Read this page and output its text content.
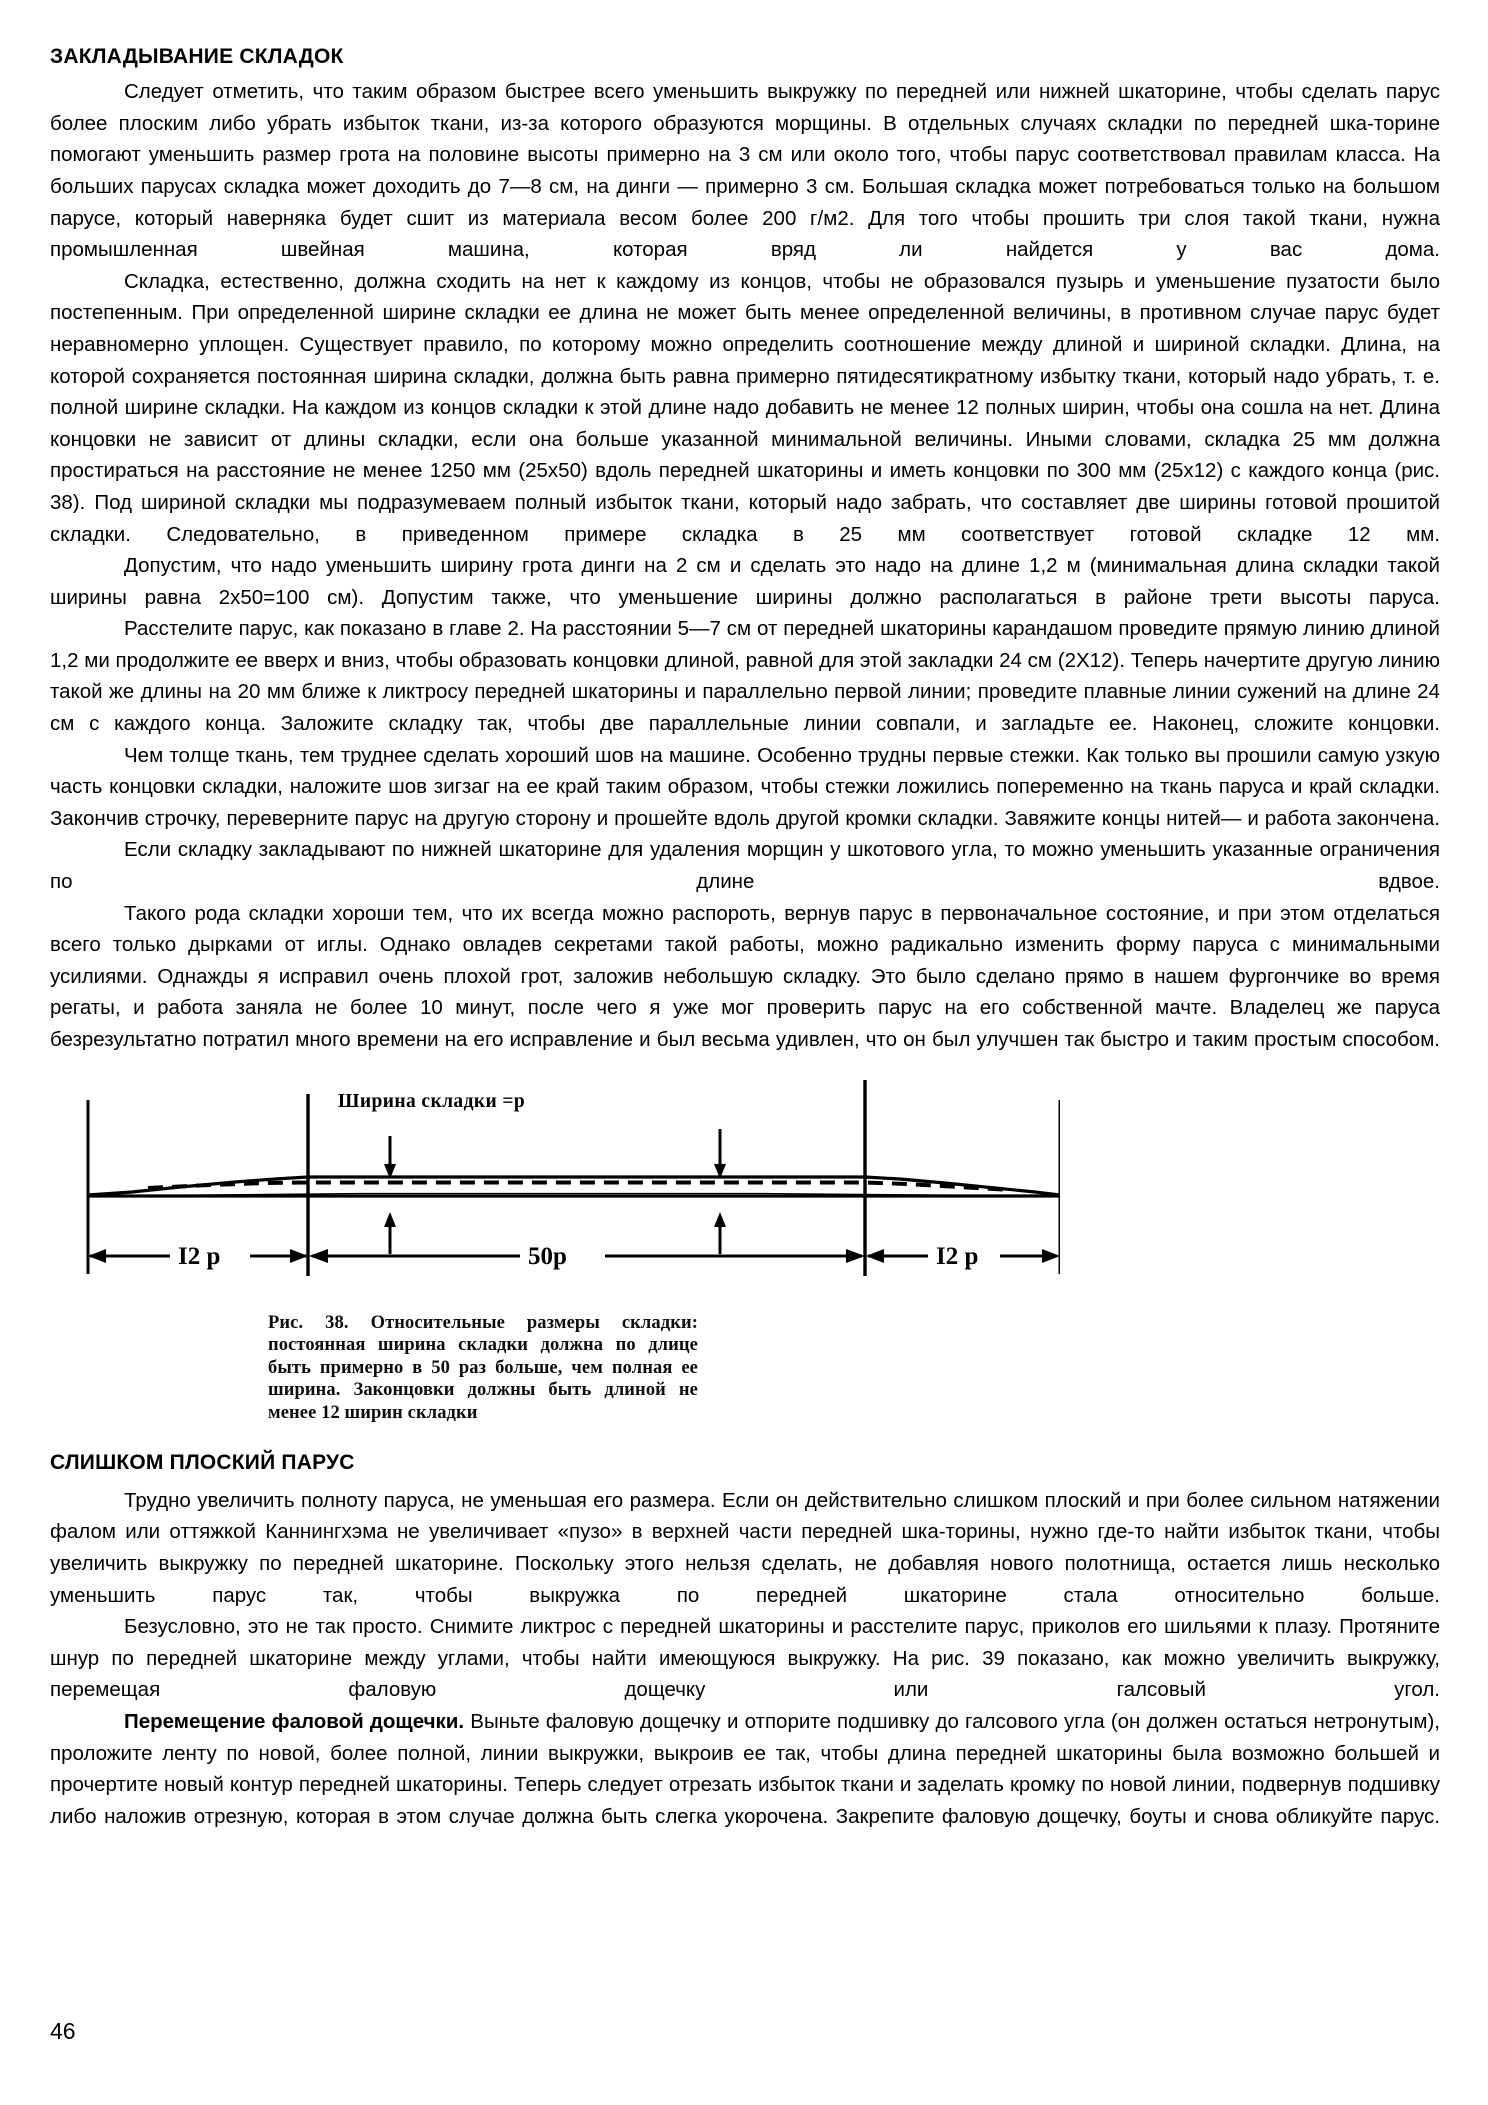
ЗАКЛАДЫВАНИЕ СКЛАДОК

Следует отметить, что таким образом быстрее всего уменьшить выкружку по передней или нижней шкаторине, чтобы сделать парус более плоским либо убрать избыток ткани, из-за которого образуются морщины. В отдельных случаях складки по передней шка-торине помогают уменьшить размер грота на половине высоты примерно на 3 см или около того, чтобы парус соответствовал правилам класса. На больших парусах складка может доходить до 7—8 см, на динги — примерно 3 см. Большая складка может потребоваться только на большом парусе, который наверняка будет сшит из материала весом более 200 г/м2. Для того чтобы прошить три слоя такой ткани, нужна промышленная швейная машина, которая вряд ли найдется у вас дома.

Складка, естественно, должна сходить на нет к каждому из концов, чтобы не образовался пузырь и уменьшение пузатости было постепенным. При определенной ширине складки ее длина не может быть менее определенной величины, в противном случае парус будет неравномерно уплощен. Существует правило, по которому можно определить соотношение между длиной и шириной складки. Длина, на которой сохраняется постоянная ширина складки, должна быть равна примерно пятидесятикратному избытку ткани, который надо убрать, т. е. полной ширине складки. На каждом из концов складки к этой длине надо добавить не менее 12 полных ширин, чтобы она сошла на нет. Длина концовки не зависит от длины складки, если она больше указанной минимальной величины. Иными словами, складка 25 мм должна простираться на расстояние не менее 1250 мм (25x50) вдоль передней шкаторины и иметь концовки по 300 мм (25x12) с каждого конца (рис. 38). Под шириной складки мы подразумеваем полный избыток ткани, который надо забрать, что составляет две ширины готовой прошитой складки. Следовательно, в приведенном примере складка в 25 мм соответствует готовой складке 12 мм.

Допустим, что надо уменьшить ширину грота динги на 2 см и сделать это надо на длине 1,2 м (минимальная длина складки такой ширины равна 2х50=100 см). Допустим также, что уменьшение ширины должно располагаться в районе трети высоты паруса.

Расстелите парус, как показано в главе 2. На расстоянии 5—7 см от передней шкаторины карандашом проведите прямую линию длиной 1,2 ми продолжите ее вверх и вниз, чтобы образовать концовки длиной, равной для этой закладки 24 см (2X12). Теперь начертите другую линию такой же длины на 20 мм ближе к ликтросу передней шкаторины и параллельно первой линии; проведите плавные линии сужений на длине 24 см с каждого конца. Заложите складку так, чтобы две параллельные линии совпали, и загладьте ее. Наконец, сложите концовки.

Чем толще ткань, тем труднее сделать хороший шов на машине. Особенно трудны первые стежки. Как только вы прошили самую узкую часть концовки складки, наложите шов зигзаг на ее край таким образом, чтобы стежки ложились попеременно на ткань паруса и край складки. Закончив строчку, переверните парус на другую сторону и прошейте вдоль другой кромки складки. Завяжите концы нитей— и работа закончена.

Если складку закладывают по нижней шкаторине для удаления морщин у шкотового угла, то можно уменьшить указанные ограничения по длине вдвое.

Такого рода складки хороши тем, что их всегда можно распороть, вернув парус в первоначальное состояние, и при этом отделаться всего только дырками от иглы. Однако овладев секретами такой работы, можно радикально изменить форму паруса с минимальными усилиями. Однажды я исправил очень плохой грот, заложив небольшую складку. Это было сделано прямо в нашем фургончике во время регаты, и работа заняла не более 10 минут, после чего я уже мог проверить парус на его собственной мачте. Владелец же паруса безрезультатно потратил много времени на его исправление и был весьма удивлен, что он был улучшен так быстро и таким простым способом.

Ширина складки =p
I2 p	50p	I2 p
Рис. 38. Относительные размеры складки: постоянная ширина складки должна по длице быть примерно в 50 раз больше, чем полная ее ширина. Законцовки должны быть длиной не менее 12 ширин складки
СЛИШКОМ ПЛОСКИЙ ПАРУС

Трудно увеличить полноту паруса, не уменьшая его размера. Если он действительно слишком плоский и при более сильном натяжении фалом или оттяжкой Каннингхэма не увеличивает «пузо» в верхней части передней шка-торины, нужно где-то найти избыток ткани, чтобы увеличить выкружку по передней шкаторине. Поскольку этого нельзя сделать, не добавляя нового полотнища, остается лишь несколько уменьшить парус так, чтобы выкружка по передней шкаторине стала относительно больше.

Безусловно, это не так просто. Снимите ликтрос с передней шкаторины и расстелите парус, приколов его шильями к плазу. Протяните шнур по передней шкаторине между углами, чтобы найти имеющуюся выкружку. На рис. 39 показано, как можно увеличить выкружку, перемещая фаловую дощечку или галсовый угол.

Перемещение фаловой дощечки. Выньте фаловую дощечку и отпорите подшивку до галсового угла (он должен остаться нетронутым), проложите ленту по новой, более полной, линии выкружки, выкроив ее так, чтобы длина передней шкаторины была возможно большей и прочертите новый контур передней шкаторины. Теперь следует отрезать избыток ткани и заделать кромку по новой линии, подвернув подшивку либо наложив отрезную, которая в этом случае должна быть слегка укорочена. Закрепите фаловую дощечку, боуты и снова обликуйте парус.

46
